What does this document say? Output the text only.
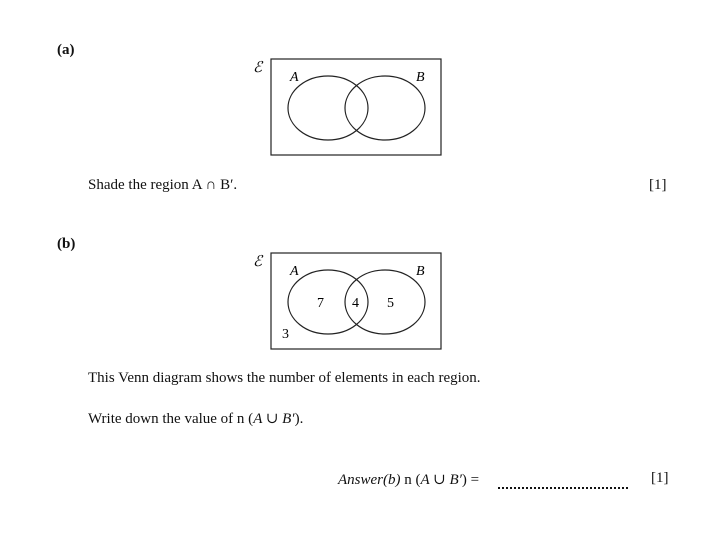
(a)
ℰ
A	B
Shade the region A ∩ B′.	[1]
(b)
ℰ
A	B
7 4 5
3
This Venn diagram shows the number of elements in each region.
Write down the value of n (A ∪ B′).
Answer(b) n (A ∪ B′) =	[1]
